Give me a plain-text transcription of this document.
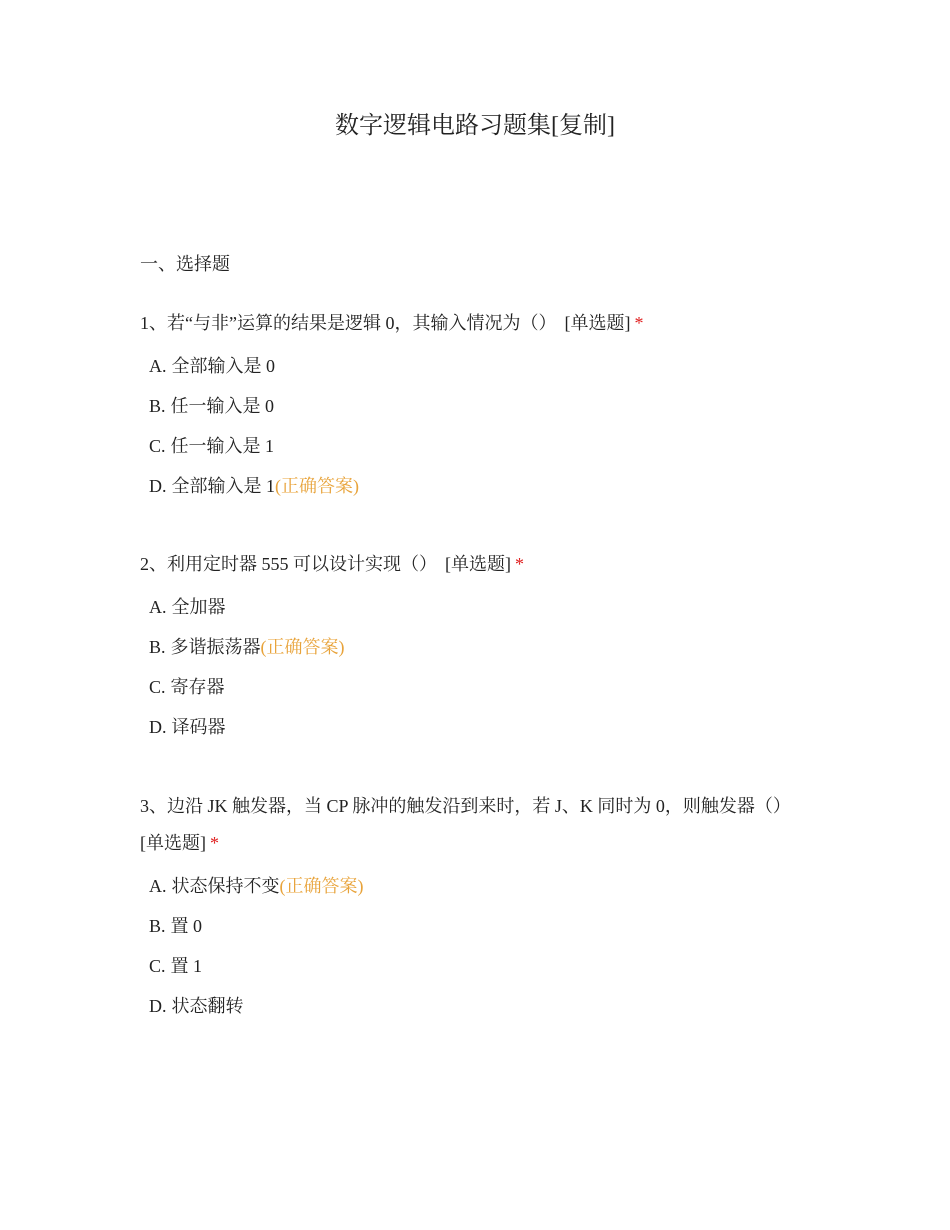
数字逻辑电路习题集[复制]
一、选择题

1、若“与非”运算的结果是逻辑 0，其输入情况为（） [单选题] *

A. 全部输入是 0
B. 任一输入是 0
C. 任一输入是 1
D. 全部输入是 1(正确答案)

2、利用定时器 555 可以设计实现（） [单选题] *

A. 全加器
B. 多谐振荡器(正确答案)
C. 寄存器
D. 译码器

3、边沿 JK 触发器，当 CP 脉冲的触发沿到来时，若 J、K 同时为 0，则触发器（）
[单选题] *

A. 状态保持不变(正确答案)
B. 置 0
C. 置 1
D. 状态翻转
